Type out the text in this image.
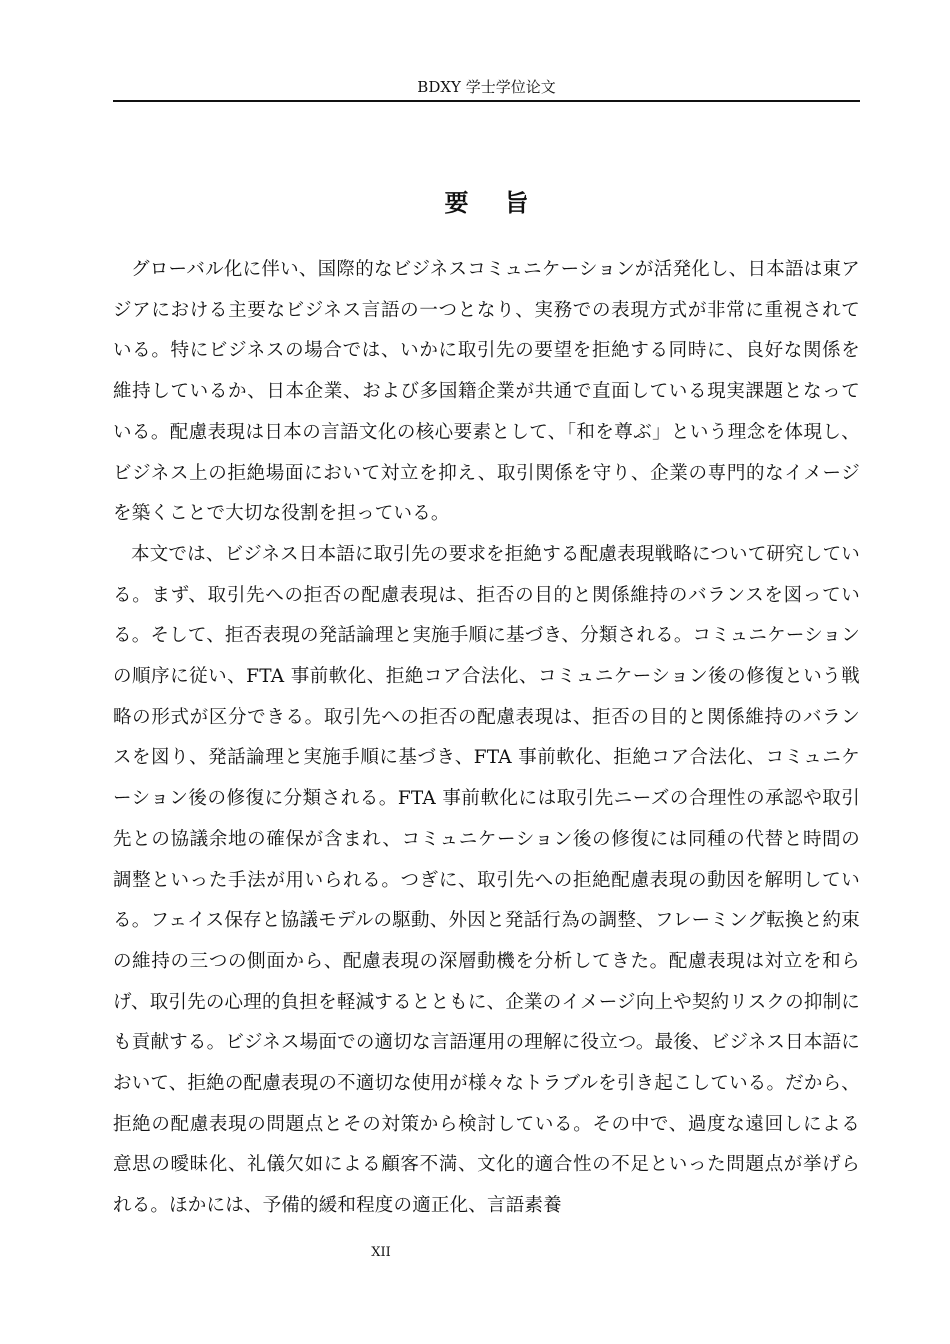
BDXY 学士学位论文
要旨

グローバル化に伴い、国際的なビジネスコミュニケーションが活発化し、日本語は東アジアにおける主要なビジネス言語の一つとなり、実務での表現方式が非常に重視されている。特にビジネスの場合では、いかに取引先の要望を拒絶する同時に、良好な関係を維持しているか、日本企業、および多国籍企業が共通で直面している現実課題となっている。配慮表現は日本の言語文化の核心要素として、「和を尊ぶ」という理念を体現し、ビジネス上の拒絶場面において対立を抑え、取引関係を守り、企業の専門的なイメージを築くことで大切な役割を担っている。

本文では、ビジネス日本語に取引先の要求を拒絶する配慮表現戦略について研究している。まず、取引先への拒否の配慮表現は、拒否の目的と関係維持のバランスを図っている。そして、拒否表現の発話論理と実施手順に基づき、分類される。コミュニケーションの順序に従い、FTA 事前軟化、拒絶コア合法化、コミュニケーション後の修復という戦略の形式が区分できる。取引先への拒否の配慮表現は、拒否の目的と関係維持のバランスを図り、発話論理と実施手順に基づき、FTA 事前軟化、拒絶コア合法化、コミュニケーション後の修復に分類される。FTA 事前軟化には取引先ニーズの合理性の承認や取引先との協議余地の確保が含まれ、コミュニケーション後の修復には同種の代替と時間の調整といった手法が用いられる。つぎに、取引先への拒絶配慮表現の動因を解明している。フェイス保存と協議モデルの駆動、外因と発話行為の調整、フレーミング転換と約束の維持の三つの側面から、配慮表現の深層動機を分析してきた。配慮表現は対立を和らげ、取引先の心理的負担を軽減するとともに、企業のイメージ向上や契約リスクの抑制にも貢献する。ビジネス場面での適切な言語運用の理解に役立つ。最後、ビジネス日本語において、拒絶の配慮表現の不適切な使用が様々なトラブルを引き起こしている。だから、拒絶の配慮表現の問題点とその対策から検討している。その中で、過度な遠回しによる意思の曖昧化、礼儀欠如による顧客不満、文化的適合性の不足といった問題点が挙げられる。ほかには、予備的緩和程度の適正化、言語素養

XII
